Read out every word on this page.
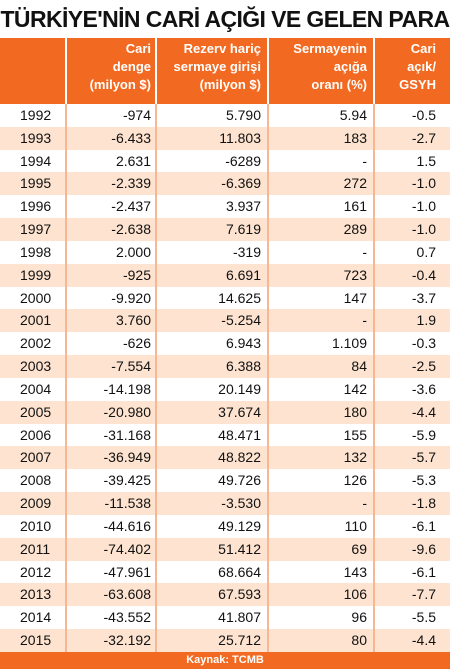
TÜRKİYE'NİN CARİ AÇIĞI VE GELEN PARA
Cari
denge
(milyon $)
Rezerv hariç
sermaye girişi
(milyon $)
Sermayenin
açığa
oranı (%)
Cari
açık/
GSYH
1992	-974	5.790	5.94	-0.5
1993	-6.433	11.803	183	-2.7
1994	2.631	-6289	-	1.5
1995	-2.339	-6.369	272	-1.0
1996	-2.437	3.937	161	-1.0
1997	-2.638	7.619	289	-1.0
1998	2.000	-319	-	0.7
1999	-925	6.691	723	-0.4
2000	-9.920	14.625	147	-3.7
2001	3.760	-5.254	-	1.9
2002	-626	6.943	1.109	-0.3
2003	-7.554	6.388	84	-2.5
2004	-14.198	20.149	142	-3.6
2005	-20.980	37.674	180	-4.4
2006	-31.168	48.471	155	-5.9
2007	-36.949	48.822	132	-5.7
2008	-39.425	49.726	126	-5.3
2009	-11.538	-3.530	-	-1.8
2010	-44.616	49.129	110	-6.1
2011	-74.402	51.412	69	-9.6
2012	-47.961	68.664	143	-6.1
2013	-63.608	67.593	106	-7.7
2014	-43.552	41.807	96	-5.5
2015	-32.192	25.712	80	-4.4
Kaynak: TCMB
